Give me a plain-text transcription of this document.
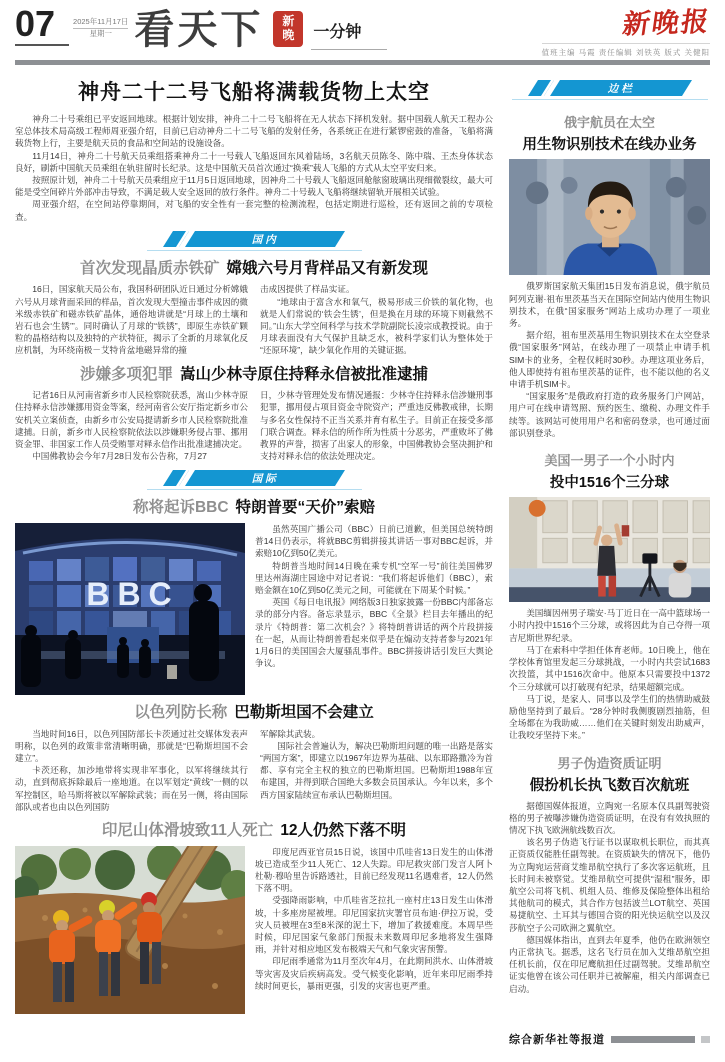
07	2025年11月17日
星期一 看天下 新
晚 一分钟	新晚报
值班主编 马霞 责任编辑 刘铁英 版式 关健阳
神舟二十二号飞船将满载货物上太空

神舟二十号乘组已平安返回地球。根据计划安排，神舟二十二号飞船将在无人状态下择机发射。据中国载人航天工程办公室总体技术局高级工程师周亚强介绍，目前已启动神舟二十二号飞船的发射任务，各系统正在进行紧锣密鼓的准备，飞船将满载货物上行，主要是航天员的食品和空间站的设施设备。

11月14日，神舟二十号航天员乘组搭乘神舟二十一号载人飞船返回东风着陆场，3名航天员陈冬、陈中瑞、王杰身体状态良好，刷新中国航天员乘组在轨驻留时长纪录。这是中国航天员首次通过“换乘”载人飞船的方式从太空平安归来。

按照原计划，神舟二十号航天员乘组应于11月5日返回地球，因神舟二十号载人飞船返回舱舷窗玻璃出现细微裂纹，最大可能是受空间碎片外部冲击导致，不满足载人安全返回的放行条件。神舟二十号载人飞船将继续留轨开展相关试验。

周亚强介绍，在空间站停靠期间，对飞船的安全性有一套完整的检测流程，包括定期进行巡检，还有返回之前的专项检查。

国内
首次发现晶质赤铁矿 嫦娥六号月背样品又有新发现

16日，国家航天局公布，我国科研团队近日通过分析嫦娥六号从月球背面采回的样品，首次发现大型撞击事件成因的微米级赤铁矿和磁赤铁矿晶体，通俗地讲就是“月球上的土壤和岩石也会‘生锈’”。同时确认了月球的“铁锈”，即原生赤铁矿颗粒的晶格结构以及独特的产状特征，揭示了全新的月球氧化反应机制，为环绕南极－艾特肯盆地磁异常的撞

击成因提供了样品实证。

“地球由于富含水和氧气，极易形成三价铁的氧化物，也就是人们常说的‘铁会生锈’，但是换在月球的环境下则截然不同。”山东大学空间科学与技术学院副院长凌宗成教授说。由于月球表面没有大气保护且缺乏水，被科学家们认为整体处于“还原环境”，缺少氧化作用的关键证据。

涉嫌多项犯罪 嵩山少林寺原住持释永信被批准逮捕

记者16日从河南省新乡市人民检察院获悉，嵩山少林寺原住持释永信涉嫌挪用资金等案，经河南省公安厅指定新乡市公安机关立案侦查，由新乡市公安局提请新乡市人民检察院批准逮捕。日前，新乡市人民检察院依法以涉嫌职务侵占罪、挪用资金罪、非国家工作人员受贿罪对释永信作出批准逮捕决定。

中国佛教协会今年7月28日发布公告称，7月27

日，少林寺管理处发布情况通报：少林寺住持释永信涉嫌刑事犯罪，挪用侵占项目资金寺院资产；严重违反佛教戒律，长期与多名女性保持不正当关系并育有私生子。目前正在接受多部门联合调查。释永信的所作所为性质十分恶劣，严重败坏了佛教界的声誉，损害了出家人的形象，中国佛教协会坚决拥护和支持对释永信的依法处理决定。

国际
称将起诉BBC 特朗普要“天价”索赔
BBC

虽然英国广播公司（BBC）日前已道歉，但美国总统特朗普14日仍表示，将就BBC剪辑拼接其讲话一事对BBC起诉，并索赔10亿到50亿美元。

特朗普当地时间14日晚在乘专机“空军一号”前往美国佛罗里达州海湖庄园途中对记者说：“我们将起诉他们（BBC），索赔金额在10亿到50亿美元之间，可能就在下周某个时候。”

英国《每日电讯报》网络版3日独家披露一份BBC内部备忘录的部分内容。备忘录显示，BBC《全景》栏目去年播出的纪录片《特朗普：第二次机会？》将特朗普讲话的两个片段拼接在一起，从而让特朗普看起来似乎是在煽动支持者参与2021年1月6日的美国国会大厦骚乱事件。BBC拼接讲话引发巨大舆论争议。

以色列防长称 巴勒斯坦国不会建立

当地时间16日，以色列国防部长卡茨通过社交媒体发表声明称，以色列的政策非常清晰明确，那就是“巴勒斯坦国不会建立”。

卡茨还称，加沙地带将实现非军事化，以军将继续其行动，直到彻底拆除最后一座地道。在以军划定“黄线”一侧的以军控制区，哈马斯将被以军解除武装；而在另一侧，将由国际部队或者也由以色列国防

军解除其武装。

国际社会普遍认为，解决巴勒斯坦问题的唯一出路是落实“两国方案”，即建立以1967年边界为基础、以东耶路撒冷为首都、享有完全主权的独立的巴勒斯坦国。巴勒斯坦1988年宣布建国，并得到联合国绝大多数会员国承认。今年以来，多个西方国家陆续宣布承认巴勒斯坦国。

印尼山体滑坡致11人死亡 12人仍然下落不明

印度尼西亚官员15日说，该国中爪哇省13日发生的山体滑坡已造成至少11人死亡、12人失踪。印尼救灾部门发言人阿卜杜勒·穆哈里告诉路透社，目前已经发现11名遇难者，12人仍然下落不明。

受强降雨影响，中爪哇省芝拉扎一座村庄13日发生山体滑坡，十多座房屋被埋。印尼国家抗灾署官员布迪·伊拉万说，受灾人员被埋在3至8米深的泥土下，增加了救援难度。本周早些时候，印尼国家气象部门预报未来数周印尼多地将发生强降雨，并针对相应地区发布极端天气和气象灾害预警。

印尼雨季通常为11月至次年4月，在此期间洪水、山体滑坡等灾害及灾后疾病高发。受气候变化影响，近年来印尼雨季持续时间更长，暴雨更强，引发的灾害也更严重。

边栏
俄宇航员在太空
用生物识别技术在线办业务

俄罗斯国家航天集团15日发布消息说，俄宇航员阿列克谢·祖布里茨基当天在国际空间站内使用生物识别技术，在俄“国家服务”网站上成功办理了一项业务。

据介绍，祖布里茨基用生物识别技术在太空登录俄“国家服务”网站，在线办理了一项禁止申请手机SIM卡的业务，全程仅耗时30秒。办理这项业务后，他人即使持有祖布里茨基的证件，也不能以他的名义申请手机SIM卡。

“国家服务”是俄政府打造的政务服务门户网站，用户可在线申请驾照、预约医生、缴税、办理文件手续等。该网站可使用用户名和密码登录，也可通过面部识别登录。

美国一男子一个小时内
投中1516个三分球

美国缅因州男子瑞安·马丁近日在一高中篮球场一小时内投中1516个三分球，或将因此为自己夺得一项吉尼斯世界纪录。

马丁在索科中学担任体育老师。10日晚上，他在学校体育馆里发起三分球挑战，一小时内共尝试1683次投篮，其中1516次命中。他原本只需要投中1372个三分球就可以打破现有纪录，结果超额完成。

马丁说，是家人、同事以及学生们的热情助威鼓励他坚持到了最后。“28分钟时我侧腹剧烈抽筋，但全场都在为我助威……他们在关键时刻发出助威声，让我咬牙坚持下来。”

男子伪造资质证明
假扮机长执飞数百次航班

据德国媒体报道，立陶宛一名原本仅具副驾驶资格的男子被曝涉嫌伪造资质证明，在没有有效执照的情况下执飞欧洲航线数百次。

该名男子伪造飞行证书以谋取机长职位，而其真正资质仅能胜任副驾驶。在资质缺失的情况下，他仍为立陶宛运营商艾维昂航空执行了多次客运航班，且长时间未被察觉。艾维昂航空可提供“湿租”服务，即航空公司将飞机、机组人员、维修及保险整体出租给其他航司的模式，其合作方包括波兰LOT航空、英国易捷航空、土耳其与德国合资的阳光快运航空以及汉莎航空子公司欧洲之翼航空。

德国媒体指出，直到去年夏季，他仍在欧洲领空内正常执飞。据悉，这名飞行员在加入艾维昂航空担任机长前，仅在印尼鹰航担任过副驾驶。艾维昂航空证实他曾在该公司任职并已被解雇，相关内部调查已启动。

综合新华社等报道
